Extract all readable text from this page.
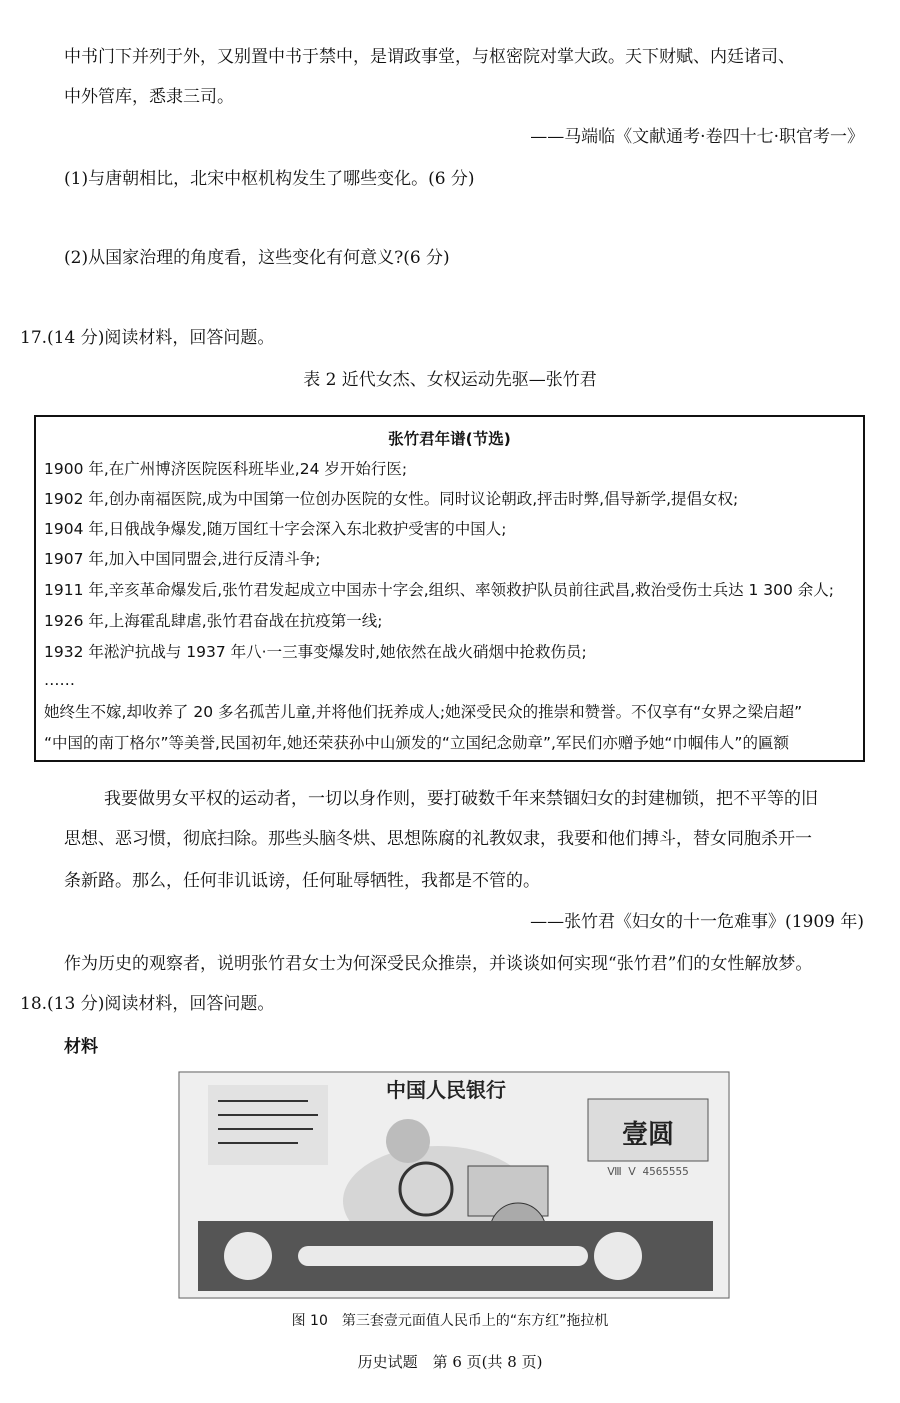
中书门下并列于外，又别置中书于禁中，是谓政事堂，与枢密院对掌大政。天下财赋、内廷诸司、
中外管库，悉隶三司。
——马端临《文献通考·卷四十七·职官考一》
(1)与唐朝相比，北宋中枢机构发生了哪些变化。(6 分)
(2)从国家治理的角度看，这些变化有何意义?(6 分)
17.(14 分)阅读材料，回答问题。
表 2 近代女杰、女权运动先驱—张竹君
张竹君年谱(节选)
1900 年,在广州博济医院医科班毕业,24 岁开始行医;
1902 年,创办南福医院,成为中国第一位创办医院的女性。同时议论朝政,抨击时弊,倡导新学,提倡女权;
1904 年,日俄战争爆发,随万国红十字会深入东北救护受害的中国人;
1907 年,加入中国同盟会,进行反清斗争;
1911 年,辛亥革命爆发后,张竹君发起成立中国赤十字会,组织、率领救护队员前往武昌,救治受伤士兵达 1 300 余人;
1926 年,上海霍乱肆虐,张竹君奋战在抗疫第一线;
1932 年淞沪抗战与 1937 年八·一三事变爆发时,她依然在战火硝烟中抢救伤员;
……
她终生不嫁,却收养了 20 多名孤苦儿童,并将他们抚养成人;她深受民众的推崇和赞誉。不仅享有“女界之梁启超”
“中国的南丁格尔”等美誉,民国初年,她还荣获孙中山颁发的“立国纪念勋章”,军民们亦赠予她“巾帼伟人”的匾额
我要做男女平权的运动者，一切以身作则，要打破数千年来禁锢妇女的封建枷锁，把不平等的旧
思想、恶习惯，彻底扫除。那些头脑冬烘、思想陈腐的礼教奴隶，我要和他们搏斗，替女同胞杀开一
条新路。那么，任何非讥诋谤，任何耻辱牺牲，我都是不管的。
——张竹君《妇女的十一危难事》(1909 年)
作为历史的观察者，说明张竹君女士为何深受民众推崇，并谈谈如何实现“张竹君”们的女性解放梦。
18.(13 分)阅读材料，回答问题。
材料
中国人民银行
壹圆
Ⅷ Ⅴ 4565555
图 10　第三套壹元面值人民币上的“东方红”拖拉机
历史试题　第 6 页(共 8 页)
